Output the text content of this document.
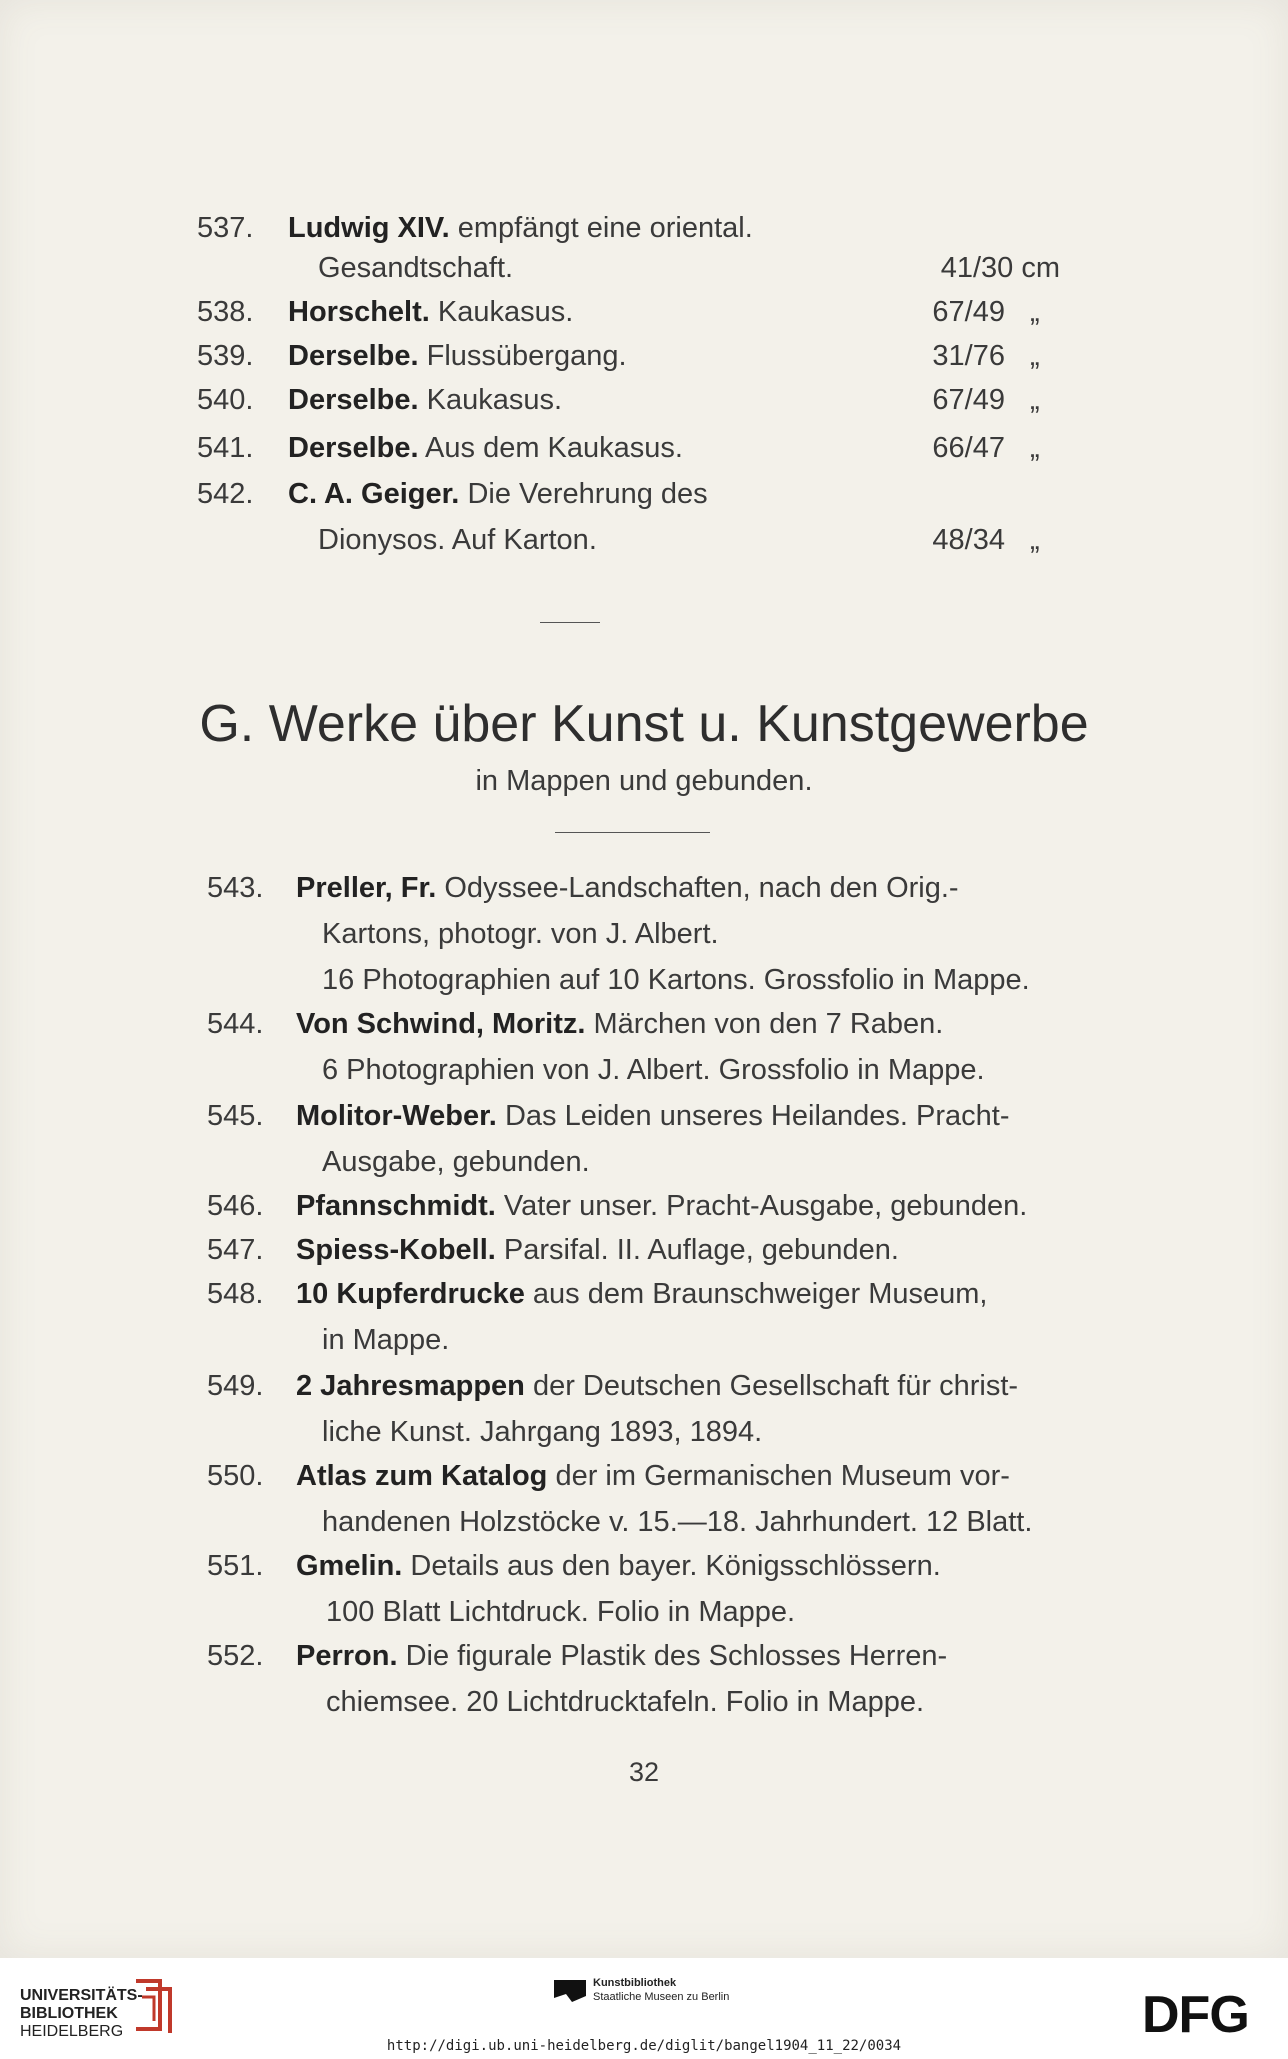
537. Ludwig XIV. empfängt eine oriental.
Gesandtschaft.	41/30 cm
538. Horschelt. Kaukasus.	67/49 „
539. Derselbe. Flussübergang.	31/76 „
540. Derselbe. Kaukasus.	67/49 „
541. Derselbe. Aus dem Kaukasus.	66/47 „
542. C. A. Geiger. Die Verehrung des
Dionysos. Auf Karton.	48/34 „
G. Werke über Kunst u. Kunstgewerbe
in Mappen und gebunden.
543. Preller, Fr. Odyssee-Landschaften, nach den Orig.-
Kartons, photogr. von J. Albert.
16 Photographien auf 10 Kartons. Grossfolio in Mappe.
544. Von Schwind, Moritz. Märchen von den 7 Raben.
6 Photographien von J. Albert. Grossfolio in Mappe.
545. Molitor-Weber. Das Leiden unseres Heilandes. Pracht-
Ausgabe, gebunden.
546. Pfannschmidt. Vater unser. Pracht-Ausgabe, gebunden.
547. Spiess-Kobell. Parsifal. II. Auflage, gebunden.
548. 10 Kupferdrucke aus dem Braunschweiger Museum,
in Mappe.
549. 2 Jahresmappen der Deutschen Gesellschaft für christ-
liche Kunst. Jahrgang 1893, 1894.
550. Atlas zum Katalog der im Germanischen Museum vor-
handenen Holzstöcke v. 15.—18. Jahrhundert. 12 Blatt.
551. Gmelin. Details aus den bayer. Königsschlössern.
100 Blatt Lichtdruck. Folio in Mappe.
552. Perron. Die figurale Plastik des Schlosses Herren-
chiemsee. 20 Lichtdrucktafeln. Folio in Mappe.
32
UNIVERSITÄTS-
BIBLIOTHEK
HEIDELBERG
Kunstbibliothek
Staatliche Museen zu Berlin	DFG
http://digi.ub.uni-heidelberg.de/diglit/bangel1904_11_22/0034
